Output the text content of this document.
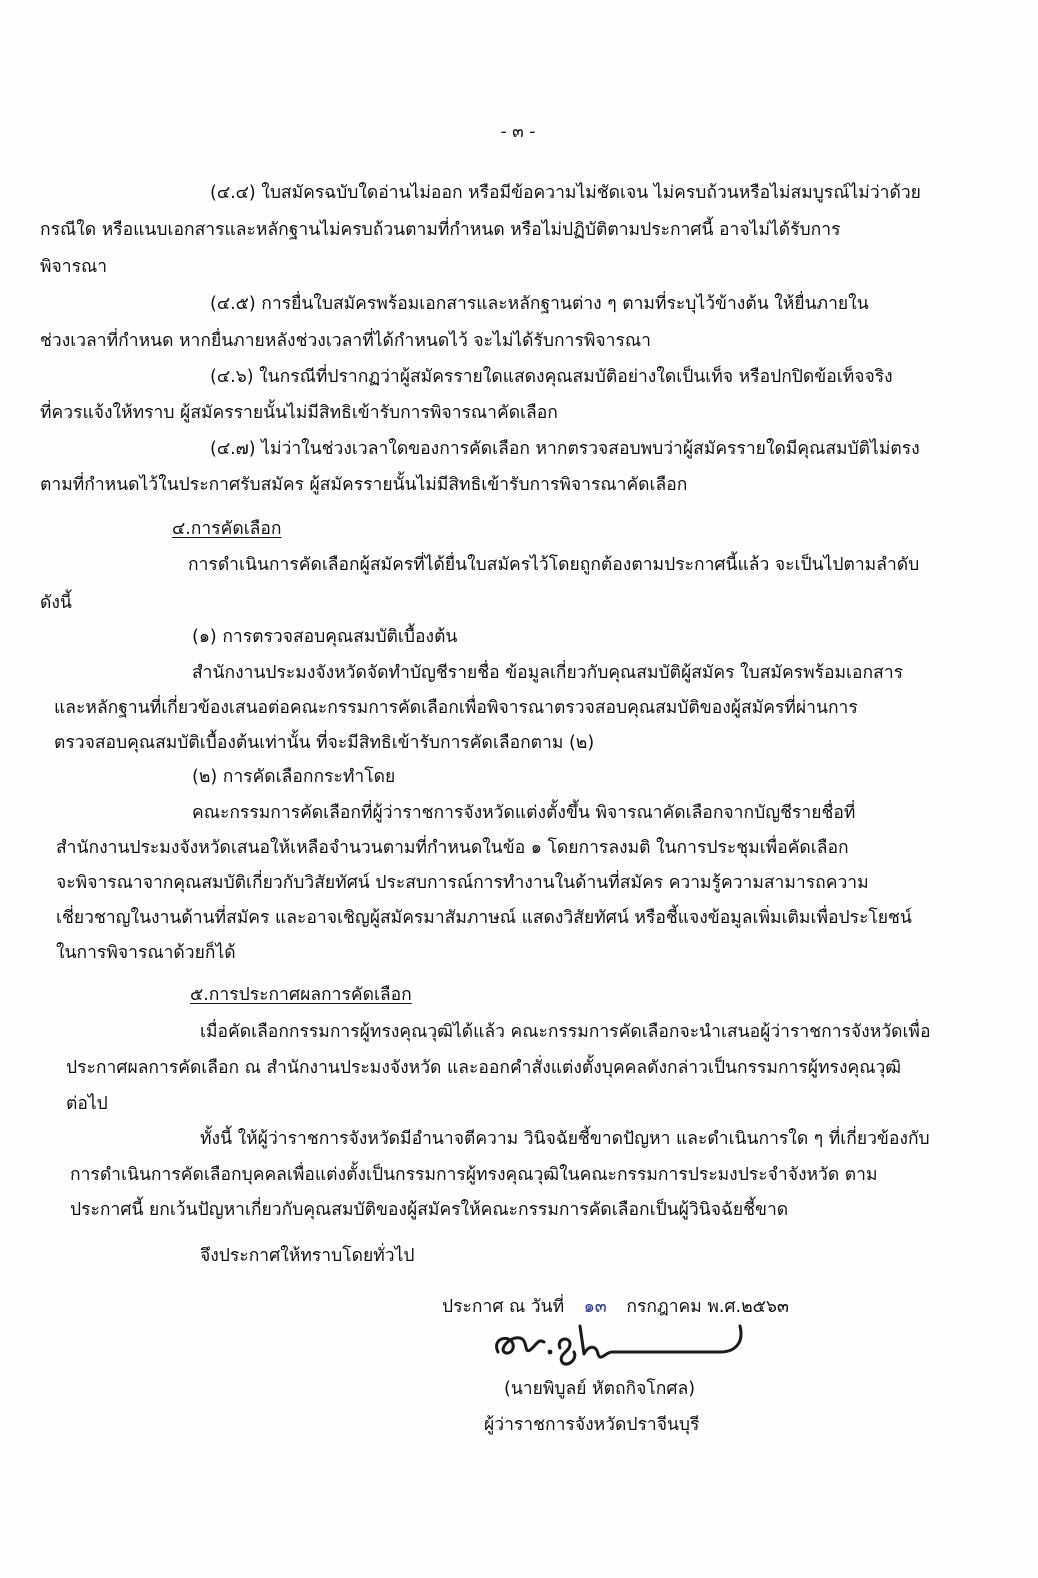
- ๓ -
(๔.๔) ใบสมัครฉบับใดอ่านไม่ออก หรือมีข้อความไม่ชัดเจน ไม่ครบถ้วนหรือไม่สมบูรณ์ไม่ว่าด้วย
กรณีใด หรือแนบเอกสารและหลักฐานไม่ครบถ้วนตามที่กำหนด หรือไม่ปฏิบัติตามประกาศนี้ อาจไม่ได้รับการ
พิจารณา
(๔.๕) การยื่นใบสมัครพร้อมเอกสารและหลักฐานต่าง ๆ ตามที่ระบุไว้ข้างต้น ให้ยื่นภายใน
ช่วงเวลาที่กำหนด หากยื่นภายหลังช่วงเวลาที่ได้กำหนดไว้ จะไม่ได้รับการพิจารณา
(๔.๖) ในกรณีที่ปรากฏว่าผู้สมัครรายใดแสดงคุณสมบัติอย่างใดเป็นเท็จ หรือปกปิดข้อเท็จจริง
ที่ควรแจ้งให้ทราบ ผู้สมัครรายนั้นไม่มีสิทธิเข้ารับการพิจารณาคัดเลือก
(๔.๗) ไม่ว่าในช่วงเวลาใดของการคัดเลือก หากตรวจสอบพบว่าผู้สมัครรายใดมีคุณสมบัติไม่ตรง
ตามที่กำหนดไว้ในประกาศรับสมัคร ผู้สมัครรายนั้นไม่มีสิทธิเข้ารับการพิจารณาคัดเลือก
๔.การคัดเลือก
การดำเนินการคัดเลือกผู้สมัครที่ได้ยื่นใบสมัครไว้โดยถูกต้องตามประกาศนี้แล้ว จะเป็นไปตามลำดับ
ดังนี้
(๑) การตรวจสอบคุณสมบัติเบื้องต้น
สำนักงานประมงจังหวัดจัดทำบัญชีรายชื่อ ข้อมูลเกี่ยวกับคุณสมบัติผู้สมัคร ใบสมัครพร้อมเอกสาร
และหลักฐานที่เกี่ยวข้องเสนอต่อคณะกรรมการคัดเลือกเพื่อพิจารณาตรวจสอบคุณสมบัติของผู้สมัครที่ผ่านการ
ตรวจสอบคุณสมบัติเบื้องต้นเท่านั้น ที่จะมีสิทธิเข้ารับการคัดเลือกตาม (๒)
(๒) การคัดเลือกกระทำโดย
คณะกรรมการคัดเลือกที่ผู้ว่าราชการจังหวัดแต่งตั้งขึ้น พิจารณาคัดเลือกจากบัญชีรายชื่อที่
สำนักงานประมงจังหวัดเสนอให้เหลือจำนวนตามที่กำหนดในข้อ ๑ โดยการลงมติ ในการประชุมเพื่อคัดเลือก
จะพิจารณาจากคุณสมบัติเกี่ยวกับวิสัยทัศน์ ประสบการณ์การทำงานในด้านที่สมัคร ความรู้ความสามารถความ
เชี่ยวชาญในงานด้านที่สมัคร และอาจเชิญผู้สมัครมาสัมภาษณ์ แสดงวิสัยทัศน์ หรือชี้แจงข้อมูลเพิ่มเติมเพื่อประโยชน์
ในการพิจารณาด้วยก็ได้
๕.การประกาศผลการคัดเลือก
เมื่อคัดเลือกกรรมการผู้ทรงคุณวุฒิได้แล้ว คณะกรรมการคัดเลือกจะนำเสนอผู้ว่าราชการจังหวัดเพื่อ
ประกาศผลการคัดเลือก ณ สำนักงานประมงจังหวัด และออกคำสั่งแต่งตั้งบุคคลดังกล่าวเป็นกรรมการผู้ทรงคุณวุฒิ
ต่อไป
ทั้งนี้ ให้ผู้ว่าราชการจังหวัดมีอำนาจตีความ วินิจฉัยชี้ขาดปัญหา และดำเนินการใด ๆ ที่เกี่ยวข้องกับ
การดำเนินการคัดเลือกบุคคลเพื่อแต่งตั้งเป็นกรรมการผู้ทรงคุณวุฒิในคณะกรรมการประมงประจำจังหวัด ตาม
ประกาศนี้ ยกเว้นปัญหาเกี่ยวกับคุณสมบัติของผู้สมัครให้คณะกรรมการคัดเลือกเป็นผู้วินิจฉัยชี้ขาด
จึงประกาศให้ทราบโดยทั่วไป
ประกาศ ณ วันที่ ๑๓ กรกฎาคม พ.ศ.๒๕๖๓
(นายพิบูลย์ หัตถกิจโกศล)
ผู้ว่าราชการจังหวัดปราจีนบุรี
